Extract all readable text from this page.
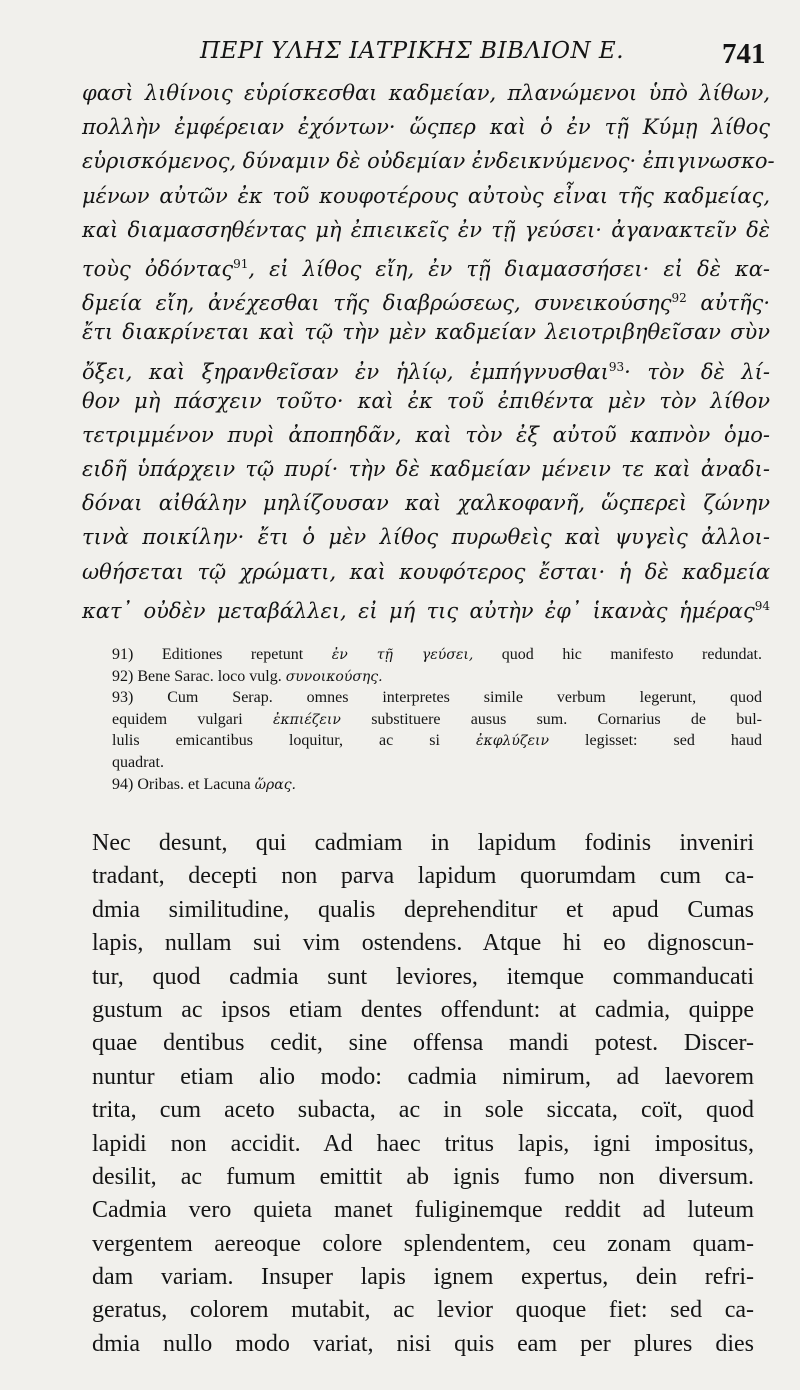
ΠΕΡΙ ΥΛΗΣ ΙΑΤΡΙΚΗΣ ΒΙΒΛΙΟΝ Ε.	741
φασὶ λιθίνοις εὑρίσκεσθαι καδμείαν, πλανώμενοι ὑπὸ λίθων,
πολλὴν ἐμφέρειαν ἐχόντων· ὥςπερ καὶ ὁ ἐν τῇ Κύμῃ λίθος
εὑρισκόμενος, δύναμιν δὲ οὐδεμίαν ἐνδεικνύμενος· ἐπιγινωσκο-
μένων αὐτῶν ἐκ τοῦ κουφοτέρους αὐτοὺς εἶναι τῆς καδμείας,
καὶ διαμασσηθέντας μὴ ἐπιεικεῖς ἐν τῇ γεύσει· ἀγανακτεῖν δὲ
τοὺς ὀδόντας$^{91}$, εἰ λίθος εἴη, ἐν τῇ διαμασσήσει· εἰ δὲ κα-
δμεία εἴη, ἀνέχεσθαι τῆς διαβρώσεως, συνεικούσης$^{92}$ αὐτῆς·
ἔτι διακρίνεται καὶ τῷ τὴν μὲν καδμείαν λειοτριβηθεῖσαν σὺν
ὄξει, καὶ ξηρανθεῖσαν ἐν ἡλίῳ, ἐμπήγνυσθαι$^{93}$· τὸν δὲ λί-
θον μὴ πάσχειν τοῦτο· καὶ ἐκ τοῦ ἐπιθέντα μὲν τὸν λίθον
τετριμμένον πυρὶ ἀποπηδᾶν, καὶ τὸν ἐξ αὐτοῦ καπνὸν ὁμο-
ειδῆ ὑπάρχειν τῷ πυρί· τὴν δὲ καδμείαν μένειν τε καὶ ἀναδι-
δόναι αἰθάλην μηλίζουσαν καὶ χαλκοφανῆ, ὥςπερεὶ ζώνην
τινὰ ποικίλην· ἔτι ὁ μὲν λίθος πυρωθεὶς καὶ ψυγεὶς ἀλλοι-
ωθήσεται τῷ χρώματι, καὶ κουφότερος ἔσται· ἡ δὲ καδμεία
κατ᾽ οὐδὲν μεταβάλλει, εἰ μή τις αὐτὴν ἐφ᾽ ἱκανὰς ἡμέρας$^{94}$
91) Editiones repetunt ἐν τῇ γεύσει, quod hic manifesto redundat.
92) Bene Sarac. loco vulg. συνοικούσης.
93) Cum Serap. omnes interpretes simile verbum legerunt, quod
equidem vulgari ἐκπιέζειν substituere ausus sum. Cornarius de bul-
lulis emicantibus loquitur, ac si ἐκφλύζειν legisset: sed haud
quadrat.
94) Oribas. et Lacuna ὥρας.
Nec desunt, qui cadmiam in lapidum fodinis inveniri
tradant, decepti non parva lapidum quorumdam cum ca-
dmia similitudine, qualis deprehenditur et apud Cumas
lapis, nullam sui vim ostendens. Atque hi eo dignoscun-
tur, quod cadmia sunt leviores, itemque commanducati
gustum ac ipsos etiam dentes offendunt: at cadmia, quippe
quae dentibus cedit, sine offensa mandi potest. Discer-
nuntur etiam alio modo: cadmia nimirum, ad laevorem
trita, cum aceto subacta, ac in sole siccata, coït, quod
lapidi non accidit. Ad haec tritus lapis, igni impositus,
desilit, ac fumum emittit ab ignis fumo non diversum.
Cadmia vero quieta manet fuliginemque reddit ad luteum
vergentem aereoque colore splendentem, ceu zonam quam-
dam variam. Insuper lapis ignem expertus, dein refri-
geratus, colorem mutabit, ac levior quoque fiet: sed ca-
dmia nullo modo variat, nisi quis eam per plures dies
